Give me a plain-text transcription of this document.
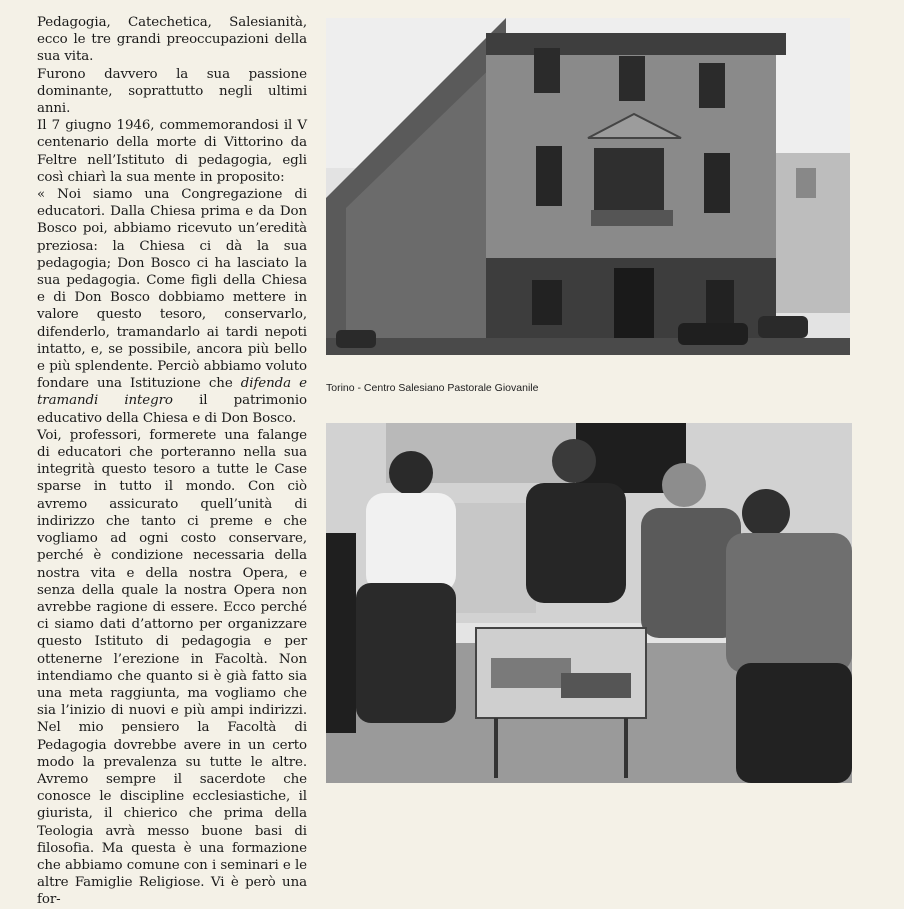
Pedagogia, Catechetica, Salesianità, ecco le tre grandi preoccupazioni della sua vita.

Furono davvero la sua passione dominante, soprattutto negli ultimi anni.

Il 7 giugno 1946, commemorandosi il V centenario della morte di Vittorino da Feltre nell’Istituto di pedagogia, egli così chiarì la sua mente in proposito:

« Noi siamo una Congregazione di educatori. Dalla Chiesa prima e da Don Bosco poi, abbiamo ricevuto un’eredità preziosa: la Chiesa ci dà la sua pedagogia; Don Bosco ci ha lasciato la sua pedagogia. Come figli della Chiesa e di Don Bosco dobbiamo mettere in valore questo tesoro, conservarlo, difenderlo, tramandarlo ai tardi nepoti intatto, e, se possibile, ancora più bello e più splendente. Perciò abbiamo voluto fondare una Istituzione che difenda e tramandi integro il patrimonio educativo della Chiesa e di Don Bosco.

Voi, professori, formerete una falange di educatori che porteranno nella sua integrità questo tesoro a tutte le Case sparse in tutto il mondo. Con ciò avremo assicurato quell’unità di indirizzo che tanto ci preme e che vogliamo ad ogni costo conservare, perché è condizione necessaria della nostra vita e della nostra Opera, e senza della quale la nostra Opera non avrebbe ragione di essere. Ecco perché ci siamo dati d’attorno per organizzare questo Istituto di pedagogia e per ottenerne l’erezione in Facoltà. Non intendiamo che quanto si è già fatto sia una meta raggiunta, ma vogliamo che sia l’inizio di nuovi e più ampi indirizzi. Nel mio pensiero la Facoltà di Pedagogia dovrebbe avere in un certo modo la prevalenza su tutte le altre. Avremo sempre il sacerdote che conosce le discipline ecclesiastiche, il giurista, il chierico che prima della Teologia avrà messo buone basi di filosofia. Ma questa è una formazione che abbiamo comune con i seminari e le altre Famiglie Religiose. Vi è però una for-

Torino - Centro Salesiano Pastorale Giovanile
